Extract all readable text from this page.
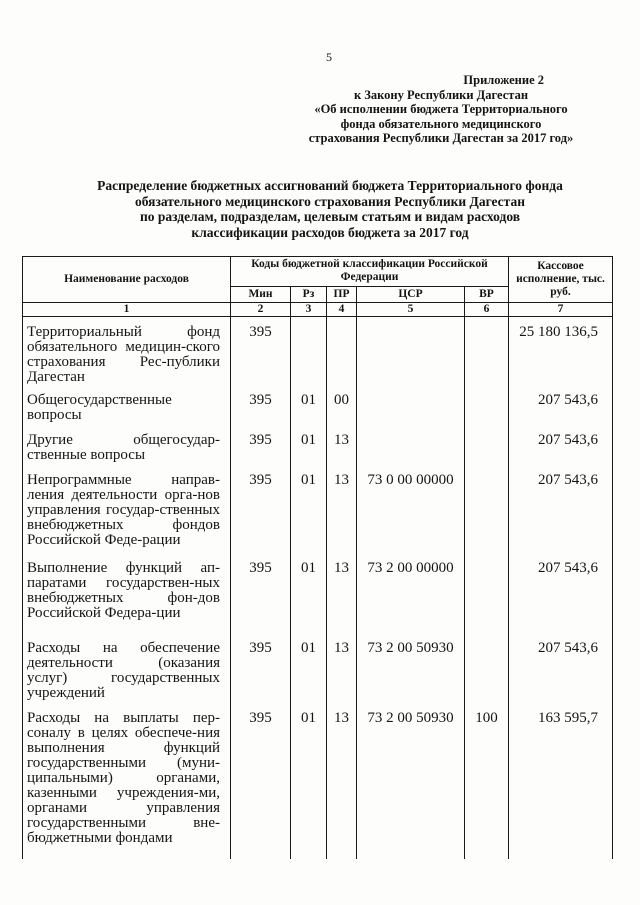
5
Приложение 2
к Закону Республики Дагестан
«Об исполнении бюджета Территориального
фонда обязательного медицинского
страхования Республики Дагестан за 2017 год»
Распределение бюджетных ассигнований бюджета Территориального фонда
обязательного медицинского страхования Республики Дагестан
по разделам, подразделам, целевым статьям и видам расходов
классификации расходов бюджета за 2017 год
Наименование расходов	Коды бюджетной классификации Российской Федерации					Кассовое исполнение, тыс. руб.
	Мин	Рз	ПР	ЦСР	ВР	
1	2	3	4	5	6	7
Территориальный фонд обязательного медицин-ского страхования Рес-публики Дагестан	395					25 180 136,5
Общегосударственные вопросы	395	01	00			207 543,6
Другие общегосудар-ственные вопросы	395	01	13			207 543,6
Непрограммные направ-ления деятельности орга-нов управления государ-ственных внебюджетных фондов Российской Федe-рации	395	01	13	73 0 00 00000		207 543,6
Выполнение функций ап-паратами государствен-ных внебюджетных фон-дов Российской Федера-ции	395	01	13	73 2 00 00000		207 543,6
Расходы на обеспечение деятельности (оказания услуг) государственных учреждений	395	01	13	73 2 00 50930		207 543,6
Расходы на выплаты пер-соналу в целях обеспече-ния выполнения функций государственными (муни-ципальными) органами, казенными учреждения-ми, органами управления государственными вне-бюджетными фондами	395	01	13	73 2 00 50930	100	163 595,7
